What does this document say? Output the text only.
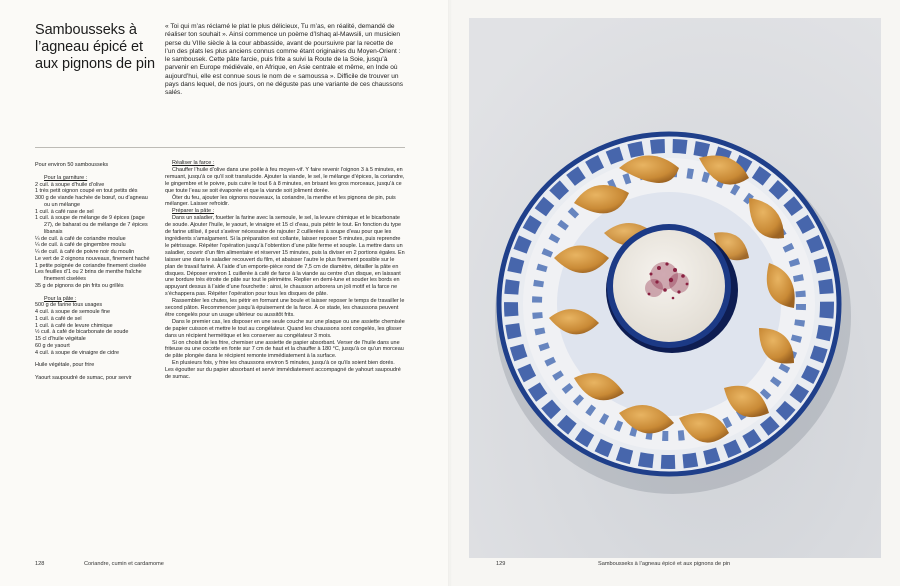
Sambousseks à l’agneau épicé et aux pignons de pin

« Toi qui m’as réclamé le plat le plus délicieux, Tu m’as, en réalité, demandé de réaliser ton souhait ». Ainsi commence un poème d’Ishaq al-Mawsili, un musicien perse du VIIIe siècle à la cour abbasside, avant de poursuivre par la recette de l’un des plats les plus anciens connus comme étant originaires du Moyen-Orient : le sambousek. Cette pâte farcie, puis frite a suivi la Route de la Soie, jusqu’à parvenir en Europe médiévale, en Afrique, en Asie centrale et même, en Inde où aujourd’hui, elle est connue sous le nom de « samoussa ». Difficile de trouver un pays dans lequel, de nos jours, on ne déguste pas une variante de ces chaussons salés.

Pour environ 50 sambousseks
Pour la garniture :
2 cuil. à soupe d’huile d’olive
1 très petit oignon coupé en tout petits dés
300 g de viande hachée de bœuf, ou d’agneau ou un mélange
1 cuil. à café rase de sel
1 cuil. à soupe de mélange de 9 épices (page 27), de baharat ou de mélange de 7 épices libanais
¼ de cuil. à café de coriandre moulue
¼ de cuil. à café de gingembre moulu
¼ de cuil. à café de poivre noir du moulin
Le vert de 2 oignons nouveaux, finement haché
1 petite poignée de coriandre finement ciselée
Les feuilles d’1 ou 2 brins de menthe fraîche finement ciselées
35 g de pignons de pin frits ou grillés
Pour la pâte :
500 g de farine tous usages
4 cuil. à soupe de semoule fine
1 cuil. à café de sel
1 cuil. à café de levure chimique
½ cuil. à café de bicarbonate de soude
15 cl d’huile végétale
60 g de yaourt
4 cuil. à soupe de vinaigre de cidre
Huile végétale, pour frire
Yaourt saupoudré de sumac, pour servir
Réaliser la farce :
Chauffer l’huile d’olive dans une poêle à feu moyen-vif. Y faire revenir l’oignon 3 à 5 minutes, en remuant, jusqu’à ce qu’il soit translucide. Ajouter la viande, le sel, le mélange d’épices, la coriandre, le gingembre et le poivre, puis cuire le tout 6 à 8 minutes, en brisant les gros morceaux, jusqu’à ce que toute l’eau se soit évaporée et que la viande soit joliment dorée.
Ôter du feu, ajouter les oignons nouveaux, la coriandre, la menthe et les pignons de pin, puis mélanger. Laisser refroidir.
Préparer la pâte :
Dans un saladier, fouetter la farine avec la semoule, le sel, la levure chimique et le bicarbonate de soude. Ajouter l’huile, le yaourt, le vinaigre et 15 cl d’eau, puis pétrir le tout. En fonction du type de farine utilisé, il peut s’avérer nécessaire de rajouter 2 cuillerées à soupe d’eau pour que les ingrédients s’amalgament. Si la préparation est collante, laisser reposer 5 minutes, puis reprendre le pétrissage. Répéter l’opération jusqu’à l’obtention d’une pâte ferme et souple. La mettre dans un saladier, couvrir d’un film alimentaire et réserver 15 minutes, puis la diviser en 2 portions égales. En laisser une dans le saladier recouvert du film, et abaisser l’autre le plus finement possible sur le plan de travail fariné. À l’aide d’un emporte-pièce rond de 7,5 cm de diamètre, détailler la pâte en disques. Déposer environ 1 cuillerée à café de farce à la viande au centre d’un disque, en laissant une bordure très étroite de pâte sur tout le périmètre. Replier en demi-lune et souder les bords en appuyant dessus à l’aide d’une fourchette : ainsi, le chausson arborera un joli motif et la farce ne s’échappera pas. Répéter l’opération pour tous les disques de pâte.
Rassembler les chutes, les pétrir en formant une boule et laisser reposer le temps de travailler le second pâton. Recommencer jusqu’à épuisement de la farce. À ce stade, les chaussons peuvent être congelés pour un usage ultérieur ou aussitôt frits.
Dans le premier cas, les disposer en une seule couche sur une plaque ou une assiette chemisée de papier cuisson et mettre le tout au congélateur. Quand les chaussons sont congelés, les glisser dans un récipient hermétique et les conserver au congélateur 3 mois.
Si on choisit de les frire, chemiser une assiette de papier absorbant. Verser de l’huile dans une friteuse ou une cocotte en fonte sur 7 cm de haut et la chauffer à 180 °C, jusqu’à ce qu’un morceau de pâte plongée dans le récipient remonte immédiatement à la surface.
En plusieurs fois, y frire les chaussons environ 5 minutes, jusqu’à ce qu’ils soient bien dorés. Les égoutter sur du papier absorbant et servir immédiatement accompagné de yahourt saupoudré de sumac.
128	Coriandre, cumin et cardamome	129	Sambousseks à l’agneau épicé et aux pignons de pin
